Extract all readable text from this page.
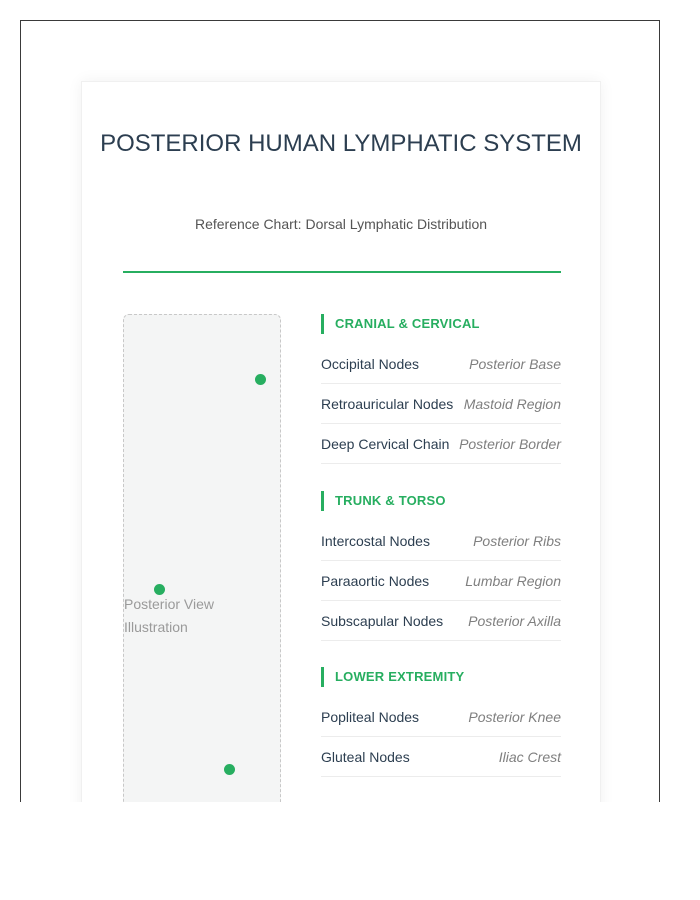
POSTERIOR HUMAN LYMPHATIC SYSTEM

Reference Chart: Dorsal Lymphatic Distribution

Posterior View Illustration
CRANIAL & CERVICAL
Occipital Nodes	Posterior Base
Retroauricular Nodes Mastoid Region
Deep Cervical Chain Posterior Border
TRUNK & TORSO
Intercostal Nodes	Posterior Ribs
Paraaortic Nodes	Lumbar Region
Subscapular Nodes Posterior Axilla
LOWER EXTREMITY
Popliteal Nodes	Posterior Knee
Gluteal Nodes	Iliac Crest
